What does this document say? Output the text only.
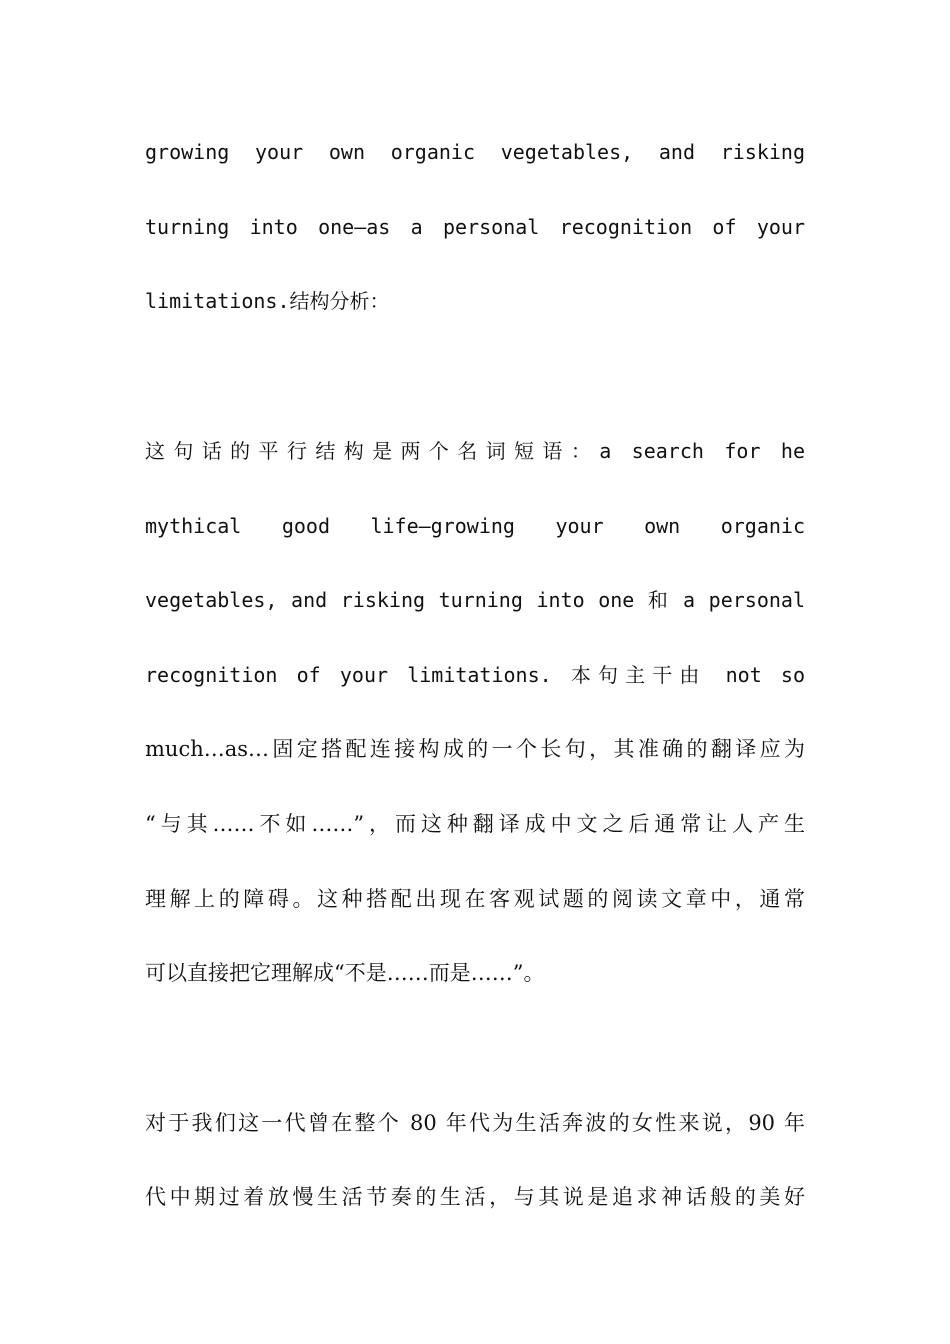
growing your own organic vegetables, and risking
turning into one—as a personal recognition of your
limitations.结构分析：
这句话的平行结构是两个名词短语：a search for he
mythical good life—growing your own organic
vegetables, and risking turning into one 和 a personal
recognition of your limitations. 本句主干由 not so
much…as…固定搭配连接构成的一个长句，其准确的翻译应为
“与其……不如……”，而这种翻译成中文之后通常让人产生
理解上的障碍。这种搭配出现在客观试题的阅读文章中，通常
可以直接把它理解成“不是……而是……”。
对于我们这一代曾在整个 80 年代为生活奔波的女性来说，90 年
代中期过着放慢生活节奏的生活，与其说是追求神话般的美好
